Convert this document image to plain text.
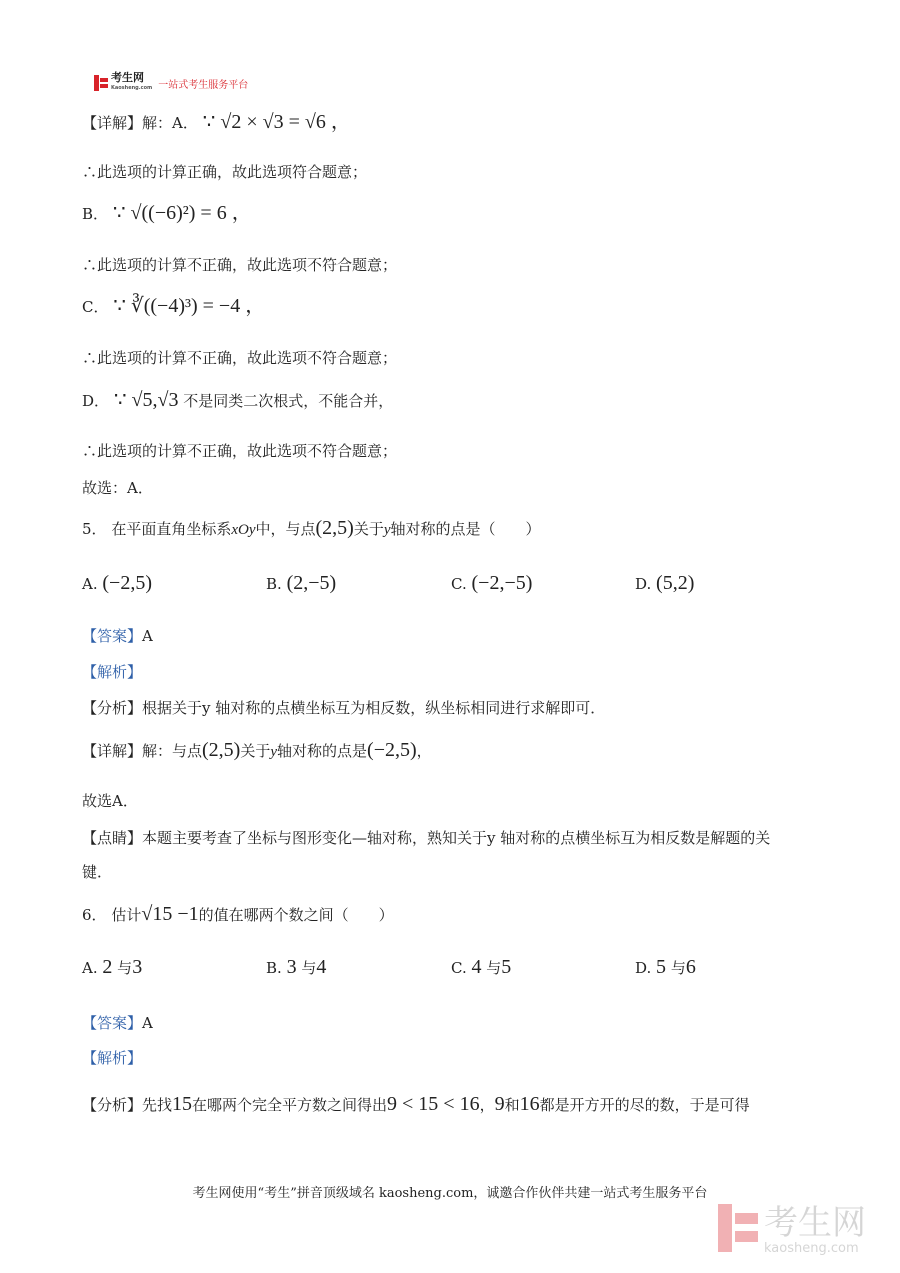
考生网
Kaosheng.com 一站式考生服务平台
【详解】解：A． ∵ √2 × √3 = √6 ，
∴此选项的计算正确，故此选项符合题意；
B． ∵ √((−6)²) = 6 ，
∴此选项的计算不正确，故此选项不符合题意；
C． ∵ ∛((−4)³) = −4 ，
∴此选项的计算不正确，故此选项不符合题意；
D． ∵ √5,√3 不是同类二次根式，不能合并，
∴此选项的计算不正确，故此选项不符合题意；
故选：A．
5． 在平面直角坐标系xOy中，与点(2,5)关于y轴对称的点是（　　）
A. (−2,5)	B. (2,−5)	C. (−2,−5)	D. (5,2)
【答案】A
【解析】
【分析】根据关于y 轴对称的点横坐标互为相反数，纵坐标相同进行求解即可．
【详解】解：与点(2,5)关于y轴对称的点是(−2,5)，
故选A．
【点睛】本题主要考查了坐标与图形变化—轴对称，熟知关于y 轴对称的点横坐标互为相反数是解题的关
键．
6． 估计√15 −1的值在哪两个数之间（　　）
A. 2 与3	B. 3 与4	C. 4 与5	D. 5 与6
【答案】A
【解析】
【分析】先找15在哪两个完全平方数之间得出9 < 15 < 16，9和16都是开方开的尽的数，于是可得
考生网使用“考生”拼音顶级域名 kaosheng.com，诚邀合作伙伴共建一站式考生服务平台
考生网
kaosheng.com
